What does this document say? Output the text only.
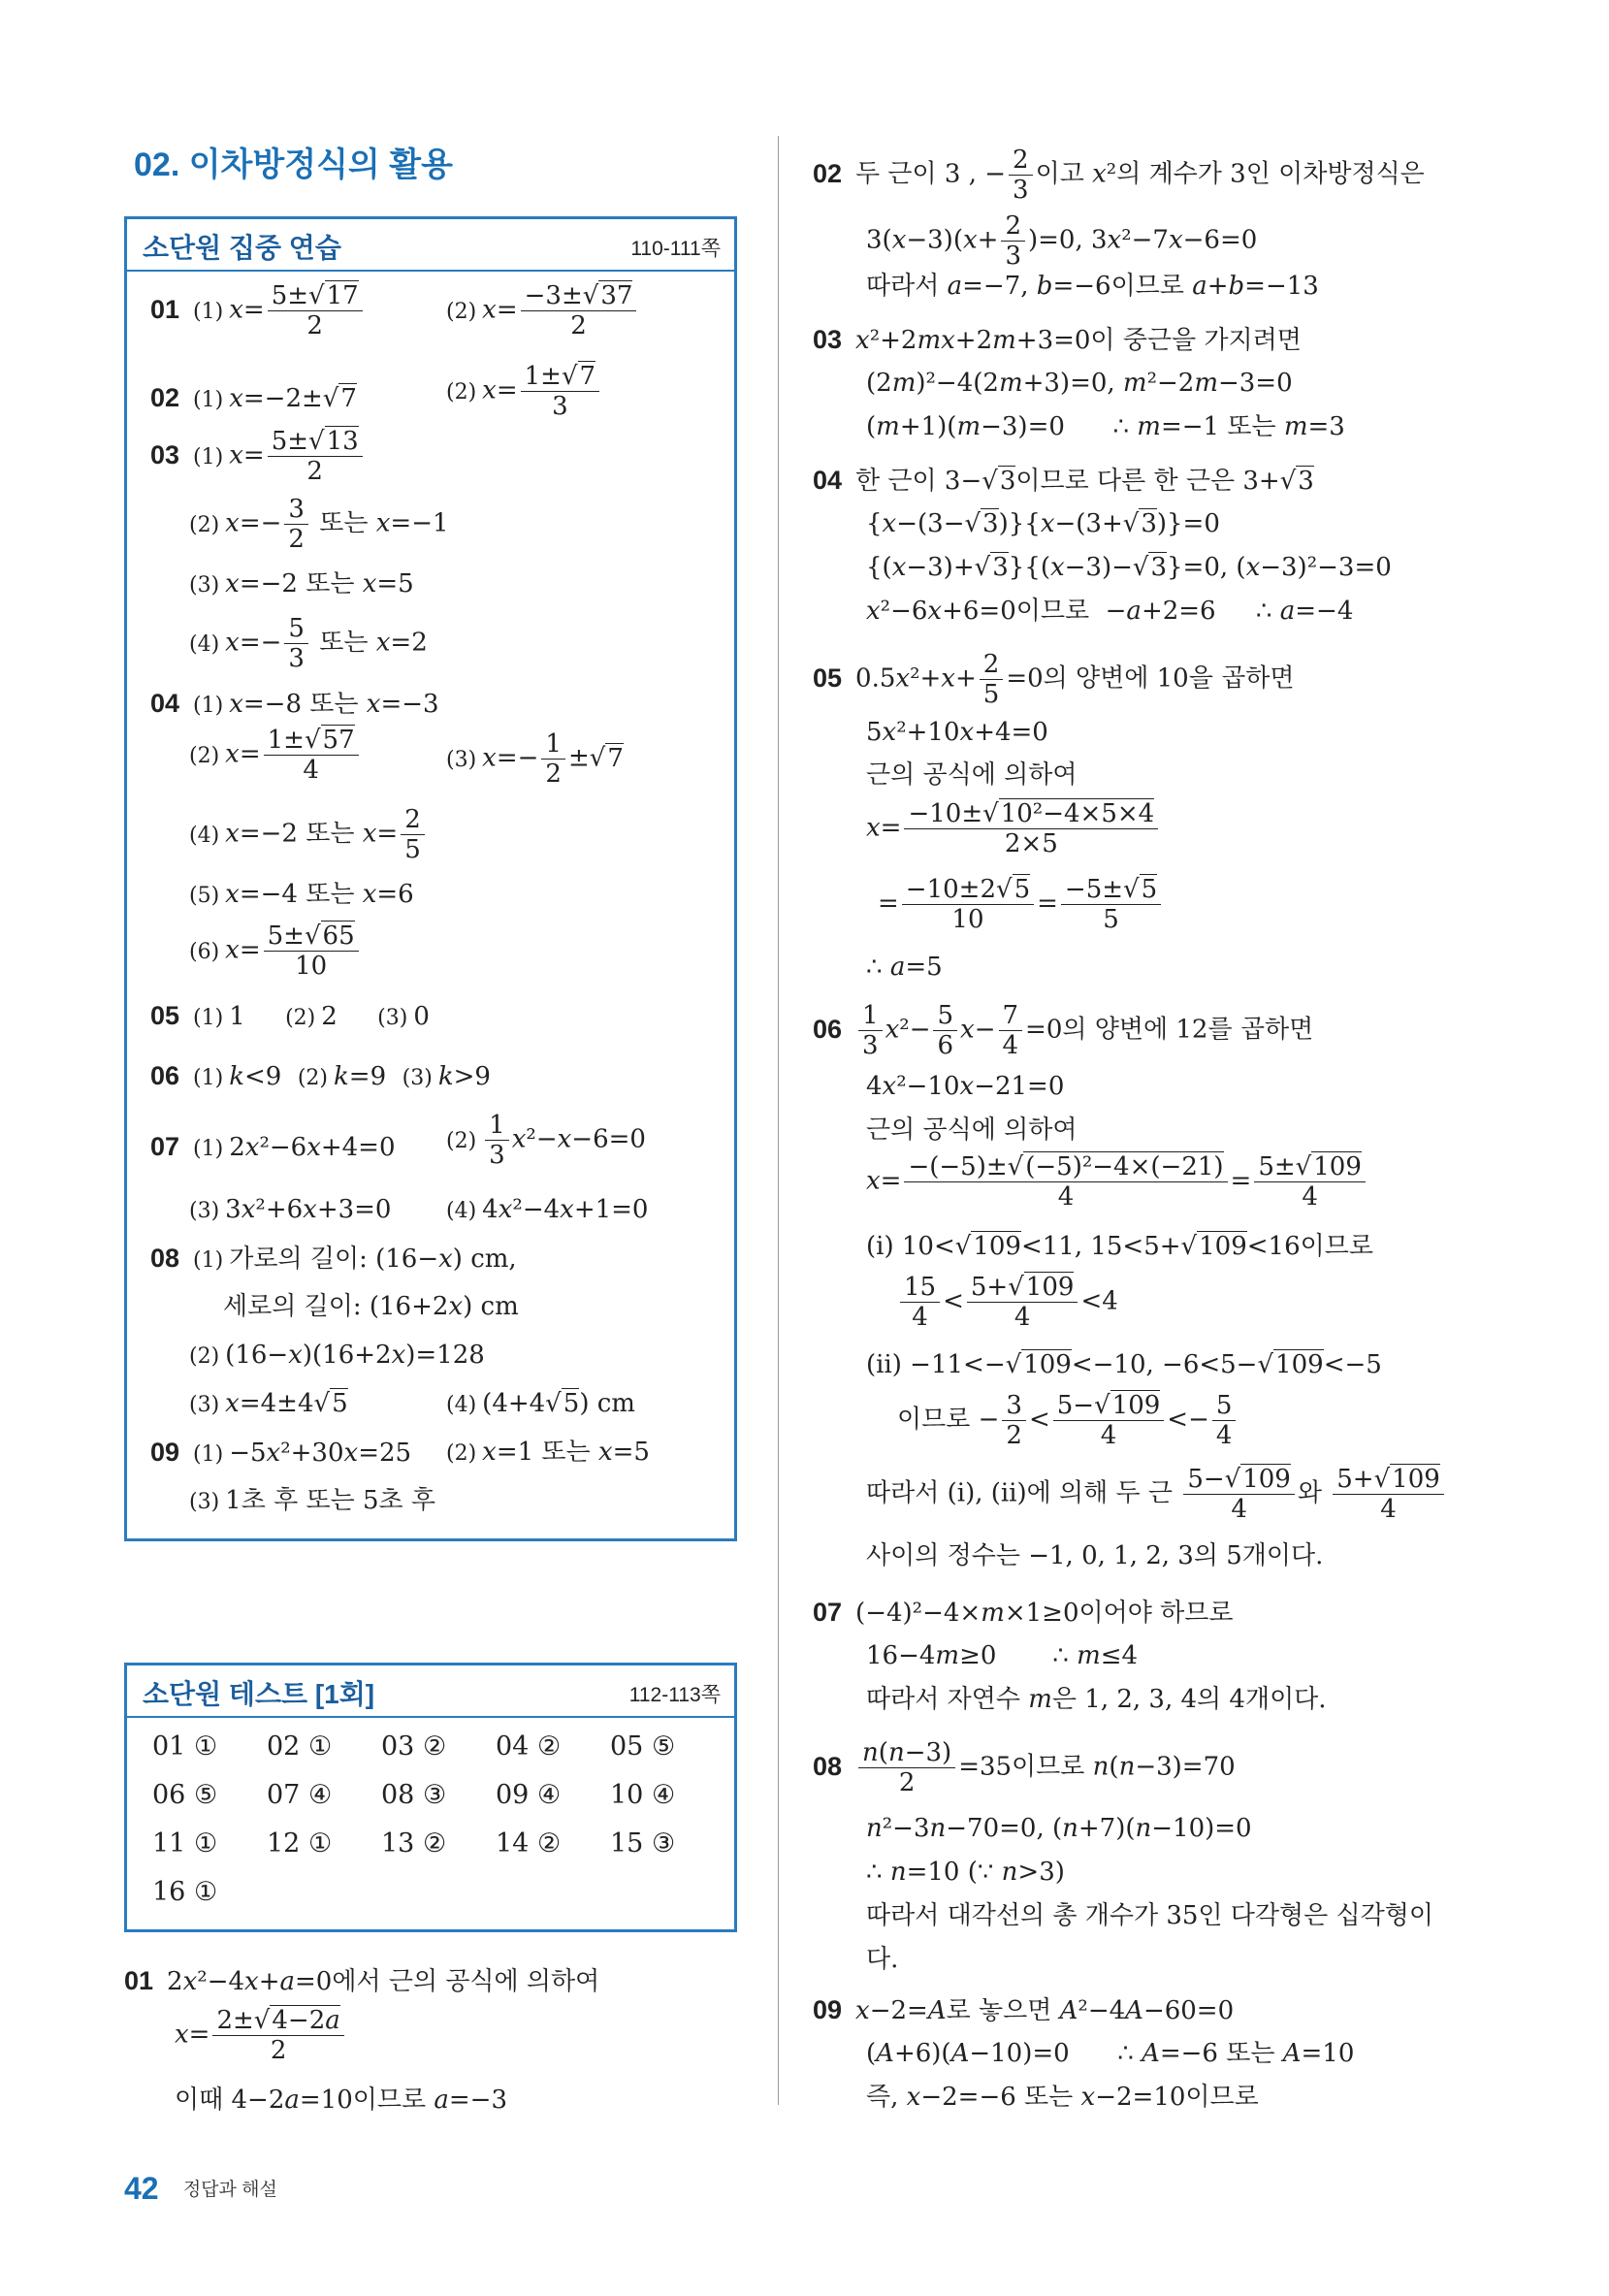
02. 이차방정식의 활용
소단원 집중 연습	110-111쪽
01 (1) $x= \frac{5\pm√17}{2}$	(2) $x= \frac{-3\pm√37}{2}$
02 (1) x=−2±√7	(2) $x= \frac{1\pm√7}{3}$
03 (1) $x= \frac{5\pm√13}{2}$
(2) $x=- \frac{3}{2}$ 또는 x=−1
(3) x=−2 또는 x=5
(4) $x=- \frac{5}{3}$ 또는 x=2
04 (1) x=−8 또는 x=−3
(2) $x= \frac{1\pm√57}{4}$	(3) $x=- \frac{1}{2} \pm√7$
(4) x=−2 또는 $x= \frac{2}{5}$
(5) x=−4 또는 x=6
(6) $x= \frac{5\pm√65}{10}$
05 (1) 1     (2) 2     (3) 0
06 (1) k<9  (2) k=9  (3) k>9
07 (1) 2x²−6x+4=0 $(2) \frac{1}{3} x^2-x-6=0$
(3) 3x²+6x+3=0	(4) 4x²−4x+1=0
08 (1) 가로의 길이: (16−x) cm,
세로의 길이: (16+2x) cm
(2) (16−x)(16+2x)=128
(3) x=4±4√5	(4) (4+4√5) cm
09 (1) −5x²+30x=25 (2) x=1 또는 x=5
(3) 1초 후 또는 5초 후
소단원 테스트 [1회]	112-113쪽
01 ① 02 ① 03 ② 04 ② 05 ⑤
06 ⑤ 07 ④ 08 ③ 09 ④ 10 ④
11 ① 12 ① 13 ② 14 ② 15 ③
16 ①
01 2x²−4x+a=0에서 근의 공식에 의하여
$x= \frac{2\pm√4-2a}{2}$
이때 4−2a=10이므로 a=−3
02 두 근이 3 , − $\frac{2}{3}$ 이고 x²의 계수가 3인 이차방정식은
$3(x-3)(x+ \frac{2}{3} )=0$, 3x²−7x−6=0
따라서 a=−7, b=−6이므로 a+b=−13
03 x²+2mx+2m+3=0이 중근을 가지려면
(2m)²−4(2m+3)=0, m²−2m−3=0
(m+1)(m−3)=0      ∴ m=−1 또는 m=3
04 한 근이 3−√3이므로 다른 한 근은 3+√3
{x−(3−√3)}{x−(3+√3)}=0
{(x−3)+√3}{(x−3)−√3}=0, (x−3)²−3=0
x²−6x+6=0이므로  −a+2=6     ∴ a=−4
05 $0.5x^2+x+ \frac{2}{5} =0$의 양변에 10을 곱하면
5x²+10x+4=0
근의 공식에 의하여
$x= \frac{\text{−10±√10²−4×5×4}}{2\times 5}$
= $\frac{-10\pm 2√5}{10} = \frac{-5\pm√5}{5}$
∴ a=5
$06 \frac{1}{3} x^2- \frac{5}{6} x- \frac{7}{4} =0$의 양변에 12를 곱하면
4x²−10x−21=0
근의 공식에 의하여
$x= \frac{\text{−(−5)±√(−5)²−4×(−21)}}{4} = \frac{5\pm√109}{4}$
(ⅰ) 10<√109<11, 15<5+√109<16이므로
$\frac{15}{4} < \frac{5+√109}{4} <4$
(ⅱ) −11<−√109<−10, −6<5−√109<−5
이므로 − $\frac{3}{2} < \frac{5-√109}{4} <- \frac{5}{4}$
따라서 (ⅰ), (ⅱ)에 의해 두 근 $\frac{5-√109}{4}$ 와 $\frac{5+√109}{4}$
사이의 정수는 −1, 0, 1, 2, 3의 5개이다.
07 (−4)²−4×m×1≥0이어야 하므로
16−4m≥0       ∴ m≤4
따라서 자연수 m은 1, 2, 3, 4의 4개이다.
$08 \frac{n(n-3)}{2} =35$이므로 n(n−3)=70
n²−3n−70=0, (n+7)(n−10)=0
∴ n=10 (∵ n>3)
따라서 대각선의 총 개수가 35인 다각형은 십각형이
다.
09 x−2=A로 놓으면 A²−4A−60=0
(A+6)(A−10)=0      ∴ A=−6 또는 A=10
즉, x−2=−6 또는 x−2=10이므로
42 정답과 해설
